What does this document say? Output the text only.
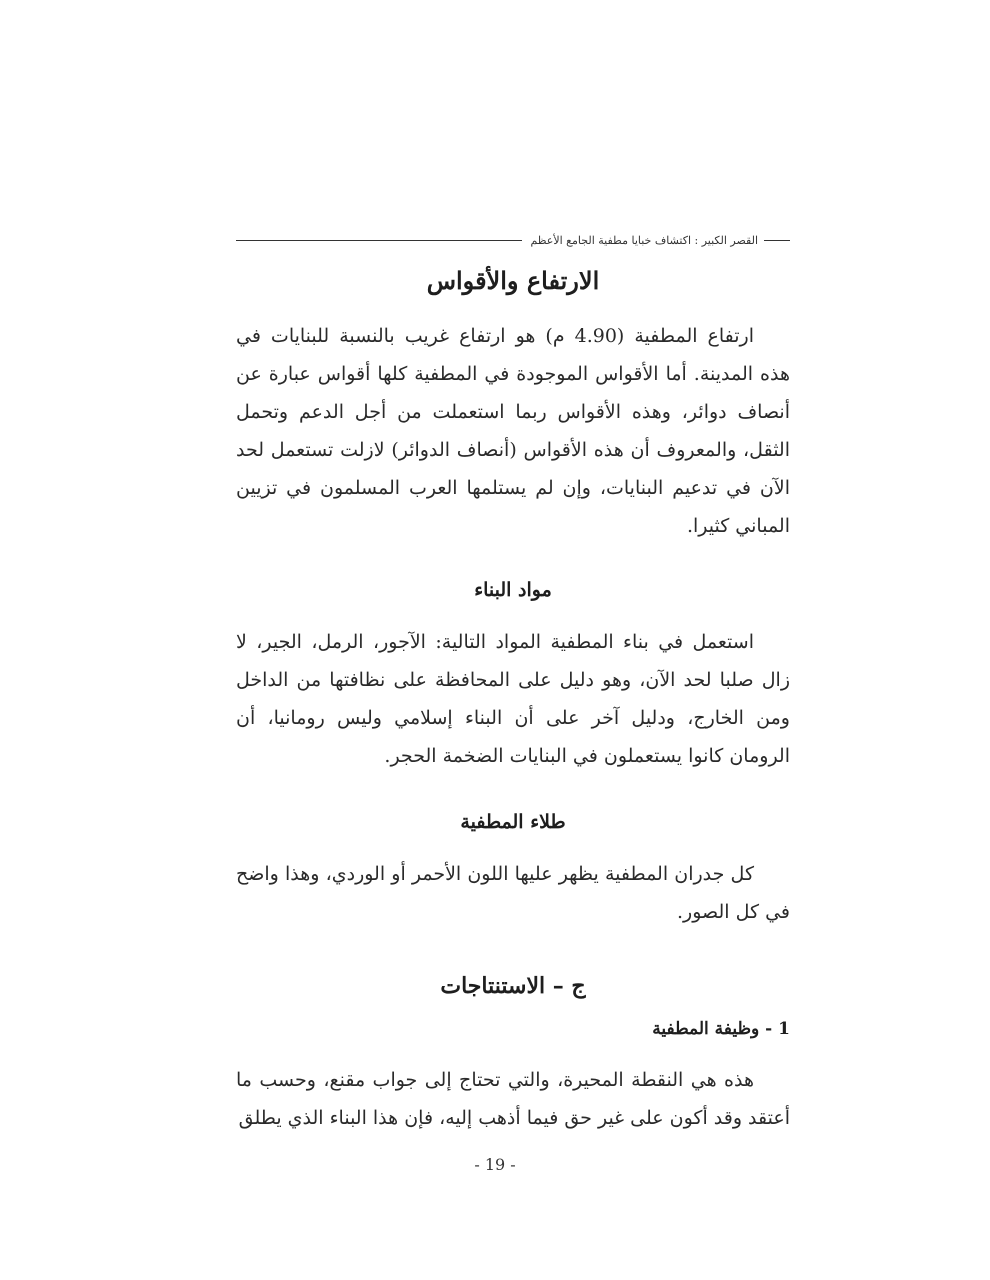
القصر الكبير : اكتشاف خبايا مطفية الجامع الأعظم
الارتفاع والأقواس

ارتفاع المطفية (4.90 م) هو ارتفاع غريب بالنسبة للبنايات في هذه المدينة. أما الأقواس الموجودة في المطفية كلها أقواس عبارة عن أنصاف دوائر، وهذه الأقواس ربما استعملت من أجل الدعم وتحمل الثقل، والمعروف أن هذه الأقواس (أنصاف الدوائر) لازلت تستعمل لحد الآن في تدعيم البنايات، وإن لم يستلمها العرب المسلمون في تزيين المباني كثيرا.

مواد البناء

استعمل في بناء المطفية المواد التالية: الآجور، الرمل، الجير، لا زال صلبا لحد الآن، وهو دليل على المحافظة على نظافتها من الداخل ومن الخارج، ودليل آخر على أن البناء إسلامي وليس رومانيا، أن الرومان كانوا يستعملون في البنايات الضخمة الحجر.

طلاء المطفية

كل جدران المطفية يظهر عليها اللون الأحمر أو الوردي، وهذا واضح في كل الصور.

ج – الاستنتاجات
1 - وظيفة المطفية

هذه هي النقطة المحيرة، والتي تحتاج إلى جواب مقنع، وحسب ما أعتقد وقد أكون على غير حق فيما أذهب إليه، فإن هذا البناء الذي يطلق

- 19 -
